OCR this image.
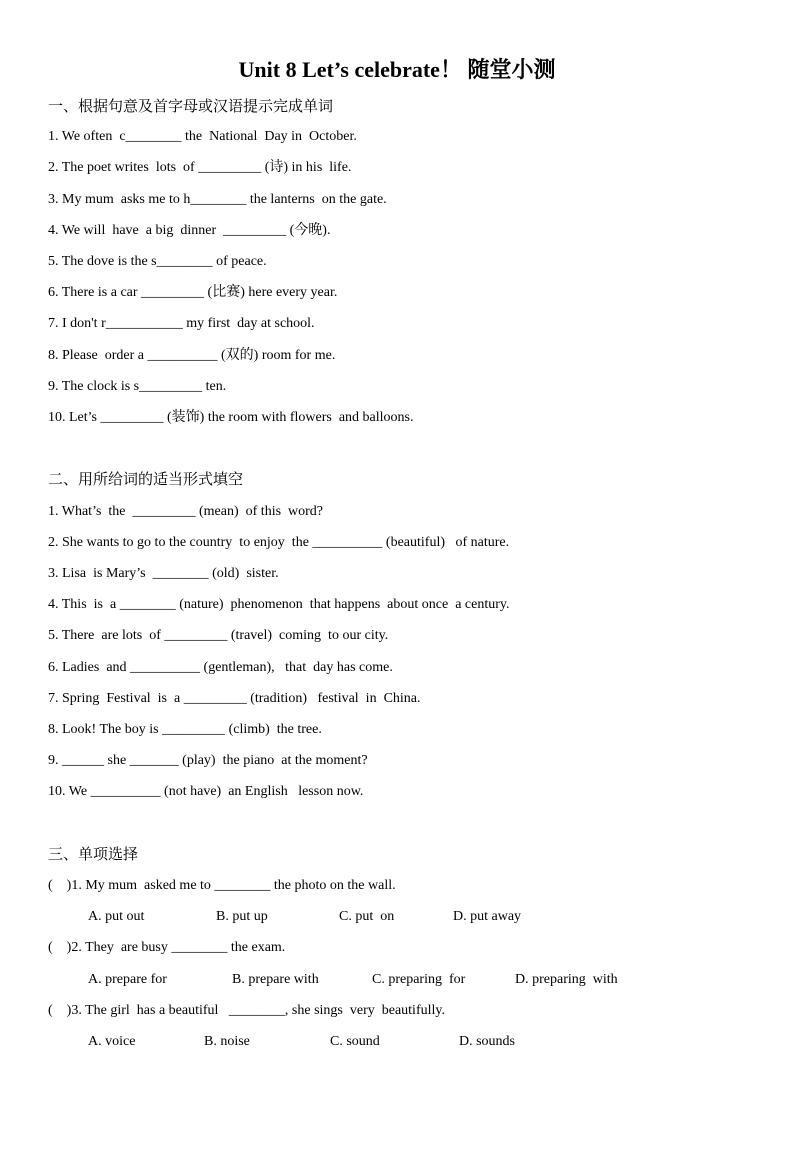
Unit 8 Let’s celebrate！ 随堂小测
一、根据句意及首字母或汉语提示完成单词
1. We often  c________ the  National  Day in  October.
2. The poet writes  lots  of _________ (诗) in his  life.
3. My mum  asks me to h________ the lanterns  on the gate.
4. We will  have  a big  dinner  _________ (今晚).
5. The dove is the s________ of peace.
6. There is a car _________ (比赛) here every year.
7. I don't r___________ my first  day at school.
8. Please  order a __________ (双的) room for me.
9. The clock is s_________ ten.
10. Let’s _________ (装饰) the room with flowers  and balloons.
二、用所给词的适当形式填空
1. What’s  the  _________ (mean)  of this  word?
2. She wants to go to the country  to enjoy  the __________ (beautiful)   of nature.
3. Lisa  is Mary’s  ________ (old)  sister.
4. This  is  a ________ (nature)  phenomenon  that happens  about once  a century.
5. There  are lots  of _________ (travel)  coming  to our city.
6. Ladies  and __________ (gentleman),   that  day has come.
7. Spring  Festival  is  a _________ (tradition)   festival  in  China.
8. Look! The boy is _________ (climb)  the tree.
9. ______ she _______ (play)  the piano  at the moment?
10. We __________ (not have)  an English   lesson now.
三、单项选择
(    )1. My mum  asked me to ________ the photo on the wall.

A. put out

	B. put up

	C. put  on

	D. put away

(    )2. They  are busy ________ the exam.

A. prepare for

	B. prepare with

	C. preparing  for

	D. preparing  with

(    )3. The girl  has a beautiful   ________, she sings  very  beautifully.

A. voice

	B. noise

	C. sound

	D. sounds
